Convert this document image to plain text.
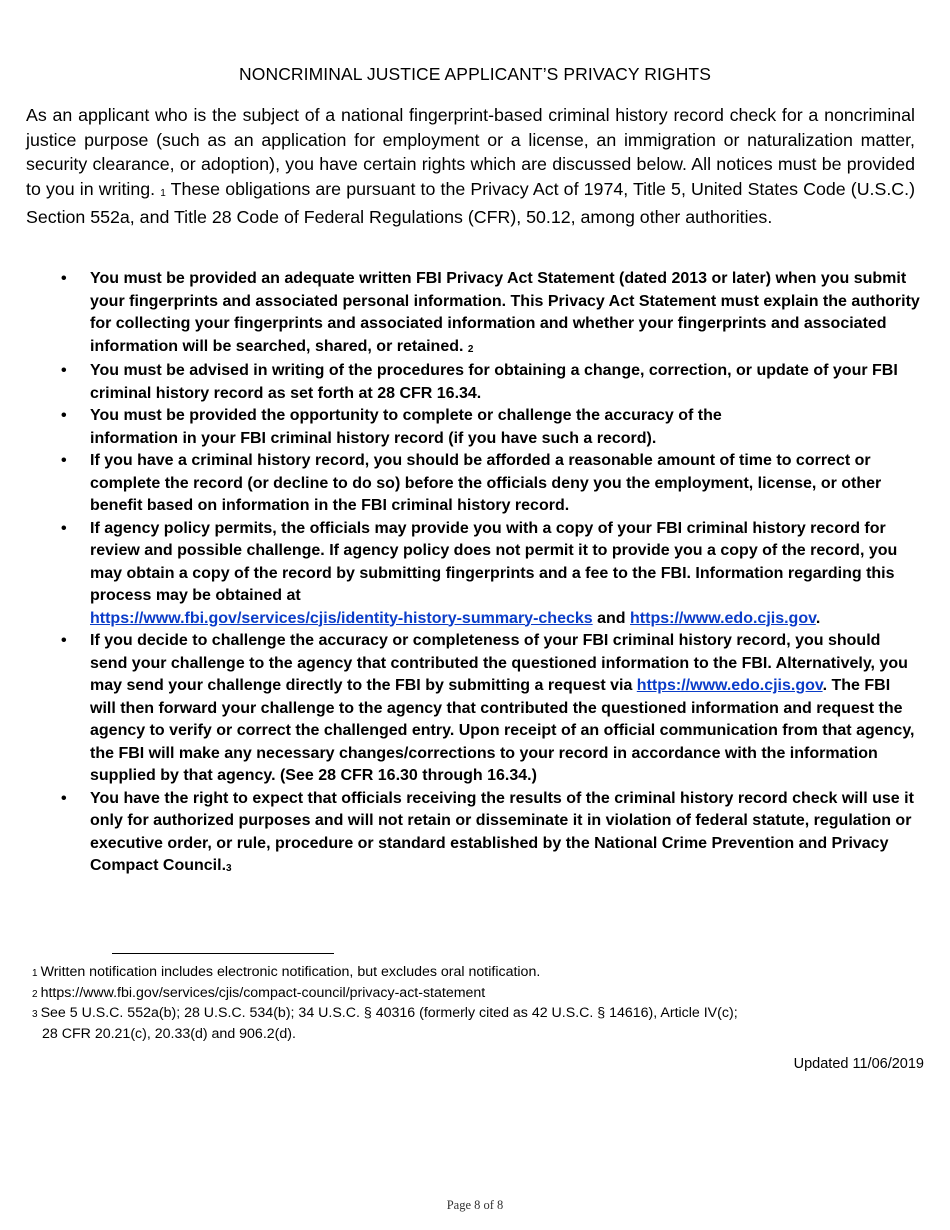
NONCRIMINAL JUSTICE APPLICANT’S PRIVACY RIGHTS

As an applicant who is the subject of a national fingerprint-based criminal history record check for a noncriminal justice purpose (such as an application for employment or a license, an immigration or naturalization matter, security clearance, or adoption), you have certain rights which are discussed below. All notices must be provided to you in writing. 1 These obligations are pursuant to the Privacy Act of 1974, Title 5, United States Code (U.S.C.) Section 552a, and Title 28 Code of Federal Regulations (CFR), 50.12, among other authorities.

• You must be provided an adequate written FBI Privacy Act Statement (dated 2013 or later) when you submit your fingerprints and associated personal information. This Privacy Act Statement must explain the authority for collecting your fingerprints and associated information and whether your fingerprints and associated information will be searched, shared, or retained. 2
• You must be advised in writing of the procedures for obtaining a change, correction, or update of your FBI criminal history record as set forth at 28 CFR 16.34.
• You must be provided the opportunity to complete or challenge the accuracy of the
information in your FBI criminal history record (if you have such a record).
• If you have a criminal history record, you should be afforded a reasonable amount of time to correct or complete the record (or decline to do so) before the officials deny you the employment, license, or other benefit based on information in the FBI criminal history record.
• If agency policy permits, the officials may provide you with a copy of your FBI criminal history record for review and possible challenge. If agency policy does not permit it to provide you a copy of the record, you may obtain a copy of the record by submitting fingerprints and a fee to the FBI. Information regarding this process may be obtained at
https://www.fbi.gov/services/cjis/identity-history-summary-checks and https://www.edo.cjis.gov.
• If you decide to challenge the accuracy or completeness of your FBI criminal history record, you should send your challenge to the agency that contributed the questioned information to the FBI. Alternatively, you may send your challenge directly to the FBI by submitting a request via https://www.edo.cjis.gov. The FBI will then forward your challenge to the agency that contributed the questioned information and request the agency to verify or correct the challenged entry. Upon receipt of an official communication from that agency, the FBI will make any necessary changes/corrections to your record in accordance with the information supplied by that agency. (See 28 CFR 16.30 through 16.34.)
• You have the right to expect that officials receiving the results of the criminal history record check will use it only for authorized purposes and will not retain or disseminate it in violation of federal statute, regulation or executive order, or rule, procedure or standard established by the National Crime Prevention and Privacy Compact Council.3
1 Written notification includes electronic notification, but excludes oral notification.
2 https://www.fbi.gov/services/cjis/compact-council/privacy-act-statement
3 See 5 U.S.C. 552a(b); 28 U.S.C. 534(b); 34 U.S.C. § 40316 (formerly cited as 42 U.S.C. § 14616), Article IV(c);
28 CFR 20.21(c), 20.33(d) and 906.2(d).
Updated 11/06/2019
Page 8 of 8
